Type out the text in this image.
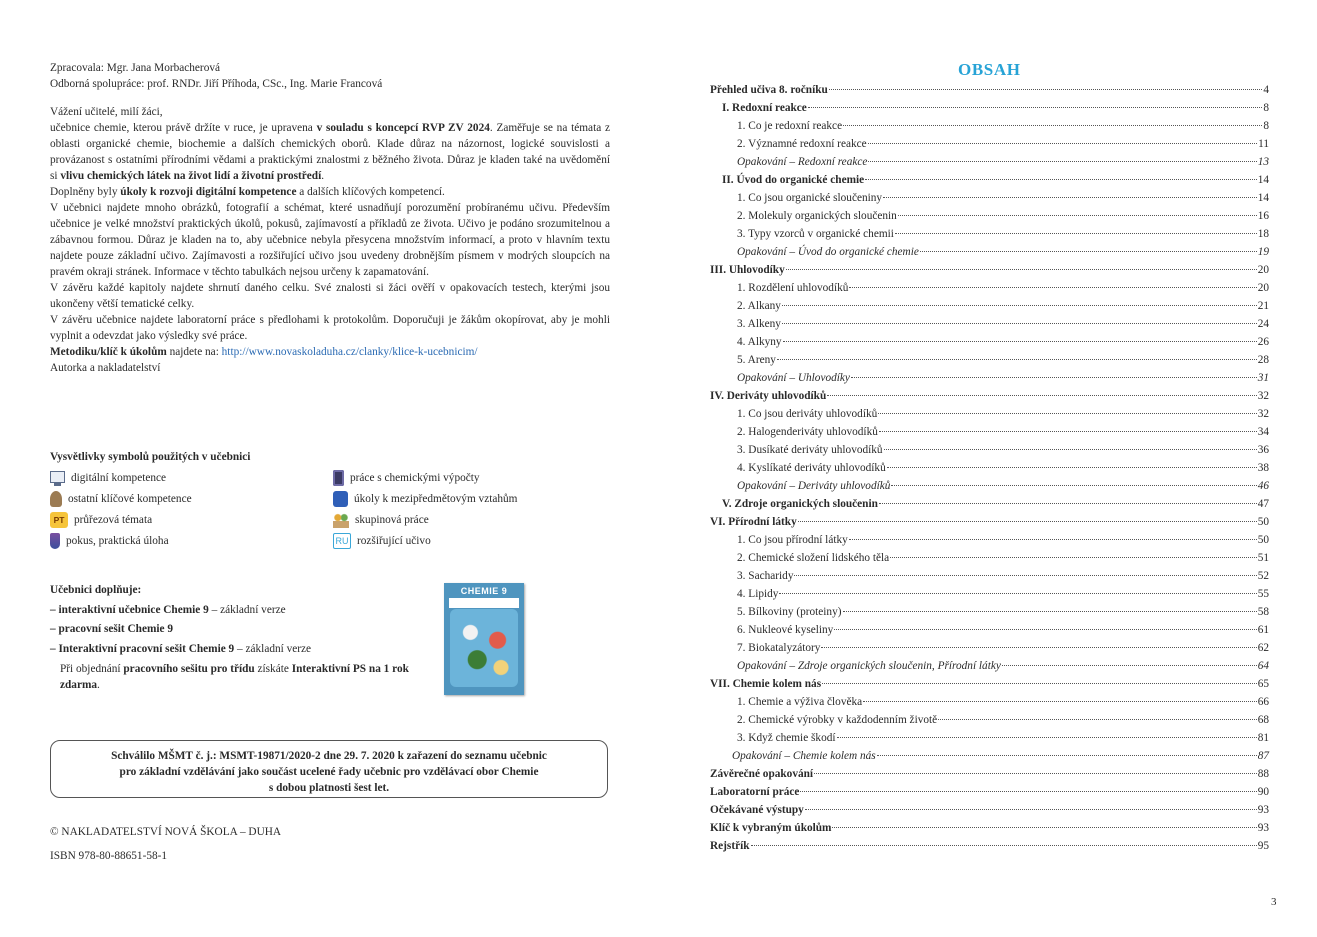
Zpracovala: Mgr. Jana Morbacherová

Odborná spolupráce: prof. RNDr. Jiří Příhoda, CSc., Ing. Marie Francová

Vážení učitelé, milí žáci,

učebnice chemie, kterou právě držíte v ruce, je upravena v souladu s koncepcí RVP ZV 2024. Zaměřuje se na témata z oblasti organické chemie, biochemie a dalších chemických oborů. Klade důraz na názornost, logické souvislosti a provázanost s ostatními přírodními vědami a praktickými znalostmi z běžného života. Důraz je kladen také na uvědomění si vlivu chemických látek na život lidí a životní prostředí.

Doplněny byly úkoly k rozvoji digitální kompetence a dalších klíčových kompetencí.

V učebnici najdete mnoho obrázků, fotografií a schémat, které usnadňují porozumění probíranému učivu. Především učebnice je velké množství praktických úkolů, pokusů, zajímavostí a příkladů ze života. Učivo je podáno srozumitelnou a zábavnou formou. Důraz je kladen na to, aby učebnice nebyla přesycena množstvím informací, a proto v hlavním textu najdete pouze základní učivo. Zajímavosti a rozšiřující učivo jsou uvedeny drobnějším písmem v modrých sloupcích na pravém okraji stránek. Informace v těchto tabulkách nejsou určeny k zapamatování.

V závěru každé kapitoly najdete shrnutí daného celku. Své znalosti si žáci ověří v opakovacích testech, kterými jsou ukončeny větší tematické celky.

V závěru učebnice najdete laboratorní práce s předlohami k protokolům. Doporučuji je žákům okopírovat, aby je mohli vyplnit a odevzdat jako výsledky své práce.

Metodiku/klíč k úkolům najdete na: http://www.novaskoladuha.cz/clanky/klice-k-ucebnicim/

Autorka a nakladatelství

Vysvětlivky symbolů použitých v učebnici
digitální kompetence	práce s chemickými výpočty
ostatní klíčové kompetence	úkoly k mezipředmětovým vztahům
PT průřezová témata	skupinová práce
pokus, praktická úloha	RU rozšiřující učivo

Učebnici doplňuje:

– interaktivní učebnice Chemie 9 – základní verze

– pracovní sešit Chemie 9

– Interaktivní pracovní sešit Chemie 9 – základní verze

Při objednání pracovního sešitu pro třídu získáte Interaktivní PS na 1 rok zdarma.

CHEMIE 9
Schválilo MŠMT č. j.: MSMT-19871/2020-2 dne 29. 7. 2020 k zařazení do seznamu učebnic
pro základní vzdělávání jako součást ucelené řady učebnic pro vzdělávací obor Chemie
s dobou platnosti šest let.
© NAKLADATELSTVÍ NOVÁ ŠKOLA – DUHA
ISBN 978-80-88651-58-1
OBSAH
Přehled učiva 8. ročníku	4
I. Redoxní reakce	8
1. Co je redoxní reakce	8
2. Významné redoxní reakce	11
Opakování – Redoxní reakce	13
II. Úvod do organické chemie	14
1. Co jsou organické sloučeniny	14
2. Molekuly organických sloučenin	16
3. Typy vzorců v organické chemii	18
Opakování – Úvod do organické chemie	19
III. Uhlovodíky	20
1. Rozdělení uhlovodíků	20
2. Alkany	21
3. Alkeny	24
4. Alkyny	26
5. Areny	28
Opakování – Uhlovodíky	31
IV. Deriváty uhlovodíků	32
1. Co jsou deriváty uhlovodíků	32
2. Halogenderiváty uhlovodíků	34
3. Dusíkaté deriváty uhlovodíků	36
4. Kyslíkaté deriváty uhlovodíků	38
Opakování – Deriváty uhlovodíků	46
V. Zdroje organických sloučenin	47
VI. Přírodní látky	50
1. Co jsou přírodní látky	50
2. Chemické složení lidského těla	51
3. Sacharidy	52
4. Lipidy	55
5. Bílkoviny (proteiny)	58
6. Nukleové kyseliny	61
7. Biokatalyzátory	62
Opakování – Zdroje organických sloučenin, Přírodní látky	64
VII. Chemie kolem nás	65
1. Chemie a výživa člověka	66
2. Chemické výrobky v každodenním životě	68
3. Když chemie škodí	81
Opakování – Chemie kolem nás	87
Závěrečné opakování	88
Laboratorní práce	90
Očekávané výstupy	93
Klíč k vybraným úkolům	93
Rejstřík	95
3
